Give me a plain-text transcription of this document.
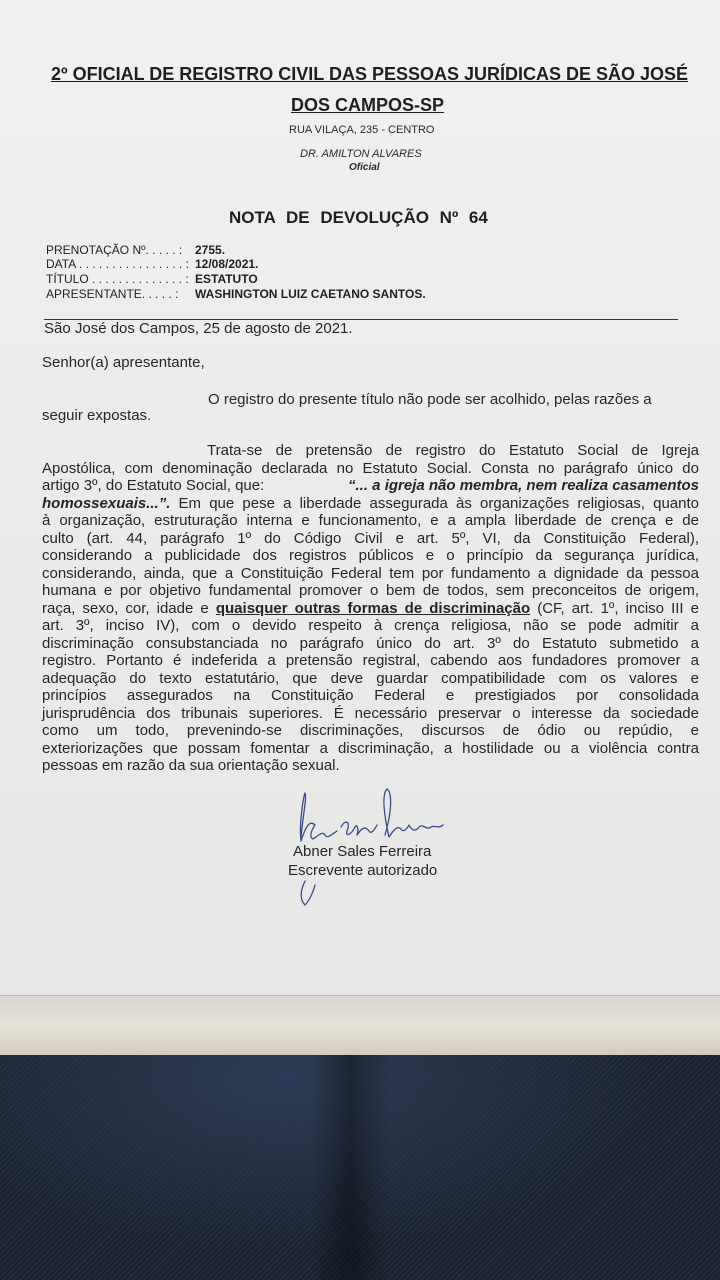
2º OFICIAL DE REGISTRO CIVIL DAS PESSOAS JURÍDICAS DE SÃO JOSÉ
DOS CAMPOS-SP
RUA VILAÇA, 235 - CENTRO
DR. AMILTON ALVARES
Oficial
NOTA DE DEVOLUÇÃO Nº 64
PRENOTAÇÃO Nº. . . . . : 2755.
DATA . . . . . . . . . . . . . . . . : 12/08/2021.
TÍTULO . . . . . . . . . . . . . . : ESTATUTO
APRESENTANTE. . . . . : WASHINGTON LUIZ CAETANO SANTOS.
São José dos Campos, 25 de agosto de 2021.
Senhor(a) apresentante,
O registro do presente título não pode ser acolhido, pelas razões a
seguir expostas.
Trata-se de pretensão de registro do Estatuto Social de Igreja
Apostólica, com denominação declarada no Estatuto Social. Consta no parágrafo único do
artigo 3º, do Estatuto Social, que:	“... a igreja não membra, nem realiza casamentos
homossexuais...”. Em que pese a liberdade assegurada às organizações religiosas, quanto
à organização, estruturação interna e funcionamento, e a ampla liberdade de crença e de
culto (art. 44, parágrafo 1º do Código Civil e art. 5º, VI, da Constituição Federal),
considerando a publicidade dos registros públicos e o princípio da segurança jurídica,
considerando, ainda, que a Constituição Federal tem por fundamento a dignidade da pessoa
humana e por objetivo fundamental promover o bem de todos, sem preconceitos de origem,
raça, sexo, cor, idade e quaisquer outras formas de discriminação (CF, art. 1º, inciso III e
art. 3º, inciso IV), com o devido respeito à crença religiosa, não se pode admitir a
discriminação consubstanciada no parágrafo único do art. 3º do Estatuto submetido a
registro. Portanto é indeferida a pretensão registral, cabendo aos fundadores promover a
adequação do texto estatutário, que deve guardar compatibilidade com os valores e
princípios assegurados na Constituição Federal e prestigiados por consolidada
jurisprudência dos tribunais superiores. É necessário preservar o interesse da sociedade
como um todo, prevenindo-se discriminações, discursos de ódio ou repúdio, e
exteriorizações que possam fomentar a discriminação, a hostilidade ou a violência contra
pessoas em razão da sua orientação sexual.
Abner Sales Ferreira
Escrevente autorizado
